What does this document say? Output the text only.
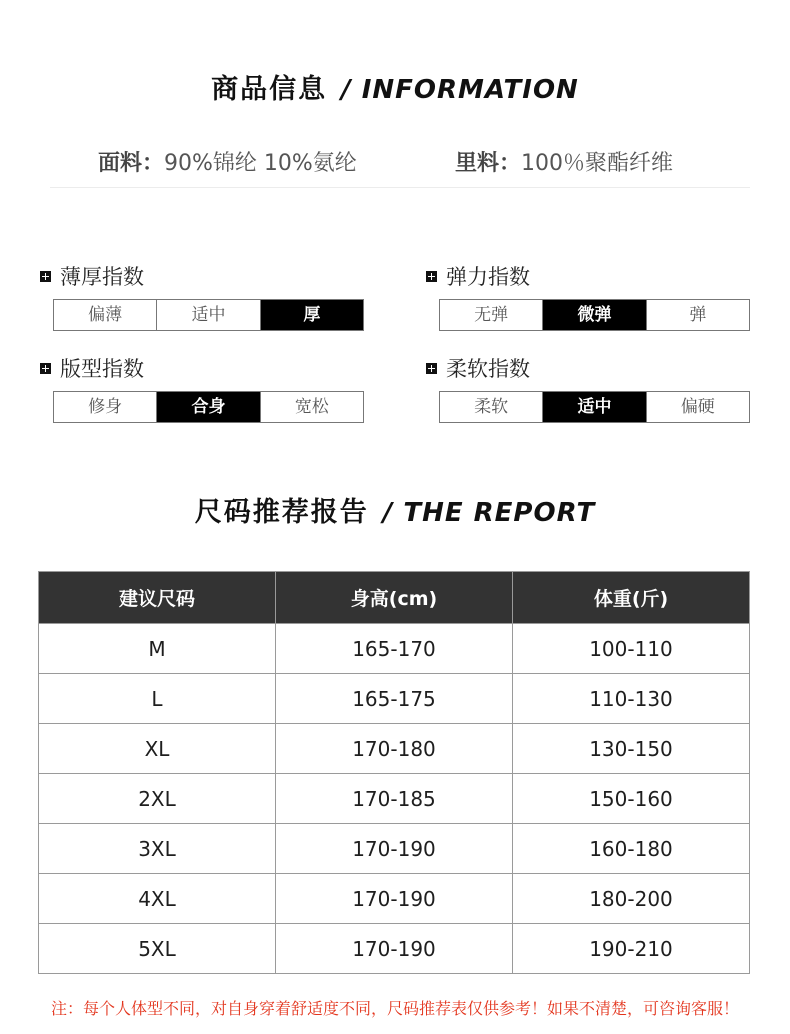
商品信息 / INFORMATION
面料：90%锦纶 10%氨纶	里料：100％聚酯纤维
薄厚指数
偏薄	适中	厚
弹力指数
无弹	微弹	弹
版型指数
修身	合身	宽松
柔软指数
柔软	适中	偏硬
尺码推荐报告 / THE REPORT
建议尺码	身高(cm)	体重(斤)
M	165-170	100-110
L	165-175	110-130
XL	170-180	130-150
2XL	170-185	150-160
3XL	170-190	160-180
4XL	170-190	180-200
5XL	170-190	190-210
注：每个人体型不同，对自身穿着舒适度不同，尺码推荐表仅供参考！如果不清楚，可咨询客服！
